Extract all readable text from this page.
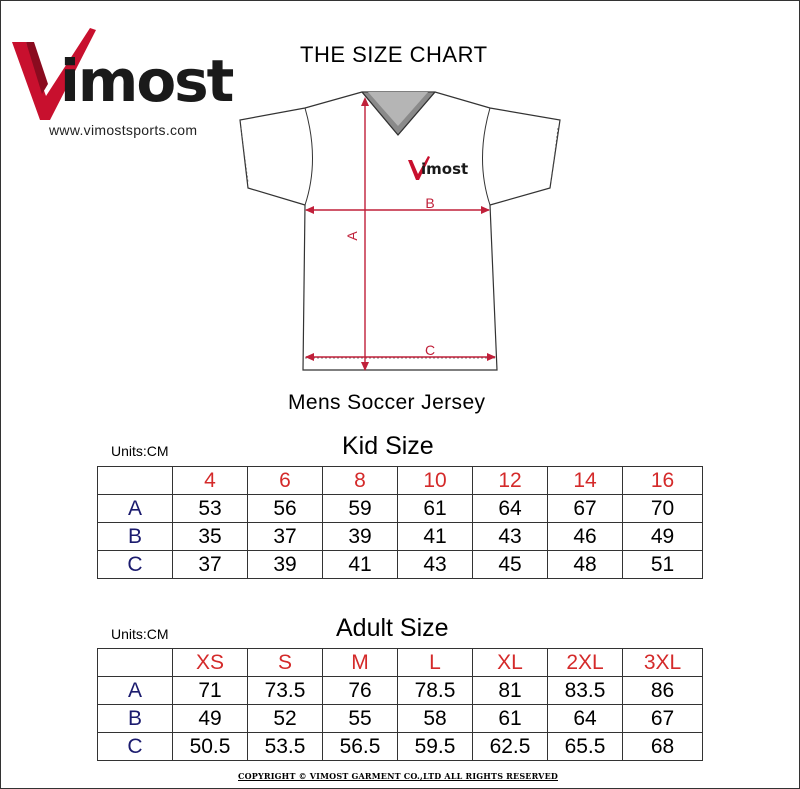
imost
www.vimostsports.com
THE SIZE CHART
imost
A
B
C
Mens Soccer Jersey
Units:CM	Kid Size
	4	6	8	10	12	14	16
A	53	56	59	61	64	67	70
B	35	37	39	41	43	46	49
C	37	39	41	43	45	48	51
Units:CM	Adult Size
	XS	S	M	L	XL	2XL	3XL
A	71	73.5	76	78.5	81	83.5	86
B	49	52	55	58	61	64	67
C	50.5	53.5	56.5	59.5	62.5	65.5	68
COPYRIGHT © VIMOST GARMENT CO.,LTD ALL RIGHTS RESERVED
